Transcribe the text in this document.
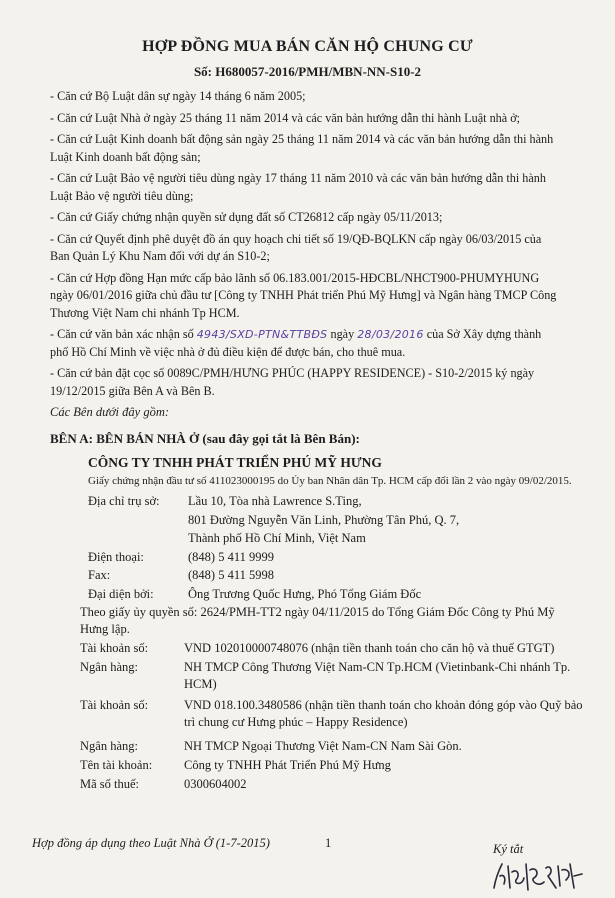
HỢP ĐỒNG MUA BÁN CĂN HỘ CHUNG CƯ
Số: H680057-2016/PMH/MBN-NN-S10-2
- Căn cứ Bộ Luật dân sự ngày 14 tháng 6 năm 2005;
- Căn cứ Luật Nhà ở ngày 25 tháng 11 năm 2014 và các văn bản hướng dẫn thi hành Luật nhà ở;
- Căn cứ Luật Kinh doanh bất động sản ngày 25 tháng 11 năm 2014 và các văn bản hướng dẫn thi hành Luật Kinh doanh bất động sản;
- Căn cứ Luật Bảo vệ người tiêu dùng ngày 17 tháng 11 năm 2010 và các văn bản hướng dẫn thi hành Luật Bảo vệ người tiêu dùng;
- Căn cứ Giấy chứng nhận quyền sử dụng đất số CT26812 cấp ngày 05/11/2013;
- Căn cứ Quyết định phê duyệt đồ án quy hoạch chi tiết số 19/QĐ-BQLKN cấp ngày 06/03/2015 của Ban Quản Lý Khu Nam đối với dự án S10-2;
- Căn cứ Hợp đồng Hạn mức cấp bảo lãnh số 06.183.001/2015-HĐCBL/NHCT900-PHUMYHUNG ngày 06/01/2016 giữa chủ đầu tư [Công ty TNHH Phát triển Phú Mỹ Hưng] và Ngân hàng TMCP Công Thương Việt Nam chi nhánh Tp HCM.
- Căn cứ văn bản xác nhận số 4943/SXD-PTN&TTBĐS ngày 28/03/2016 của Sở Xây dựng thành phố Hồ Chí Minh về việc nhà ở đủ điều kiện để được bán, cho thuê mua.
- Căn cứ bản đặt cọc số 0089C/PMH/HƯNG PHÚC (HAPPY RESIDENCE) - S10-2/2015 ký ngày 19/12/2015 giữa Bên A và Bên B.
Các Bên dưới đây gồm:
BÊN A: BÊN BÁN NHÀ Ở (sau đây gọi tắt là Bên Bán):
CÔNG TY TNHH PHÁT TRIỂN PHÚ MỸ HƯNG
Giấy chứng nhận đầu tư số 411023000195 do Ủy ban Nhân dân Tp. HCM cấp đổi lần 2 vào ngày 09/02/2015.
Địa chỉ trụ sở: Lầu 10, Tòa nhà Lawrence S.Ting,
801 Đường Nguyễn Văn Linh, Phường Tân Phú, Q. 7,
Thành phố Hồ Chí Minh, Việt Nam
Điện thoại:	(848) 5 411 9999
Fax:	(848) 5 411 5998
Đại diện bởi:	Ông Trương Quốc Hưng, Phó Tổng Giám Đốc
Theo giấy ủy quyền số: 2624/PMH-TT2 ngày 04/11/2015 do Tổng Giám Đốc Công ty Phú Mỹ Hưng lập.
Tài khoản số:	VND 102010000748076 (nhận tiền thanh toán cho căn hộ và thuế GTGT)
Ngân hàng:	NH TMCP Công Thương Việt Nam-CN Tp.HCM (Vietinbank-Chi nhánh Tp. HCM)
Tài khoản số:	VND 018.100.3480586 (nhận tiền thanh toán cho khoản đóng góp vào Quỹ bảo trì chung cư Hưng phúc – Happy Residence)
Ngân hàng:	NH TMCP Ngoại Thương Việt Nam-CN Nam Sài Gòn.
Tên tài khoản:	Công ty TNHH Phát Triển Phú Mỹ Hưng
Mã số thuế:	0300604002
Hợp đồng áp dụng theo Luật Nhà Ở (1-7-2015)	1	Ký tắt
